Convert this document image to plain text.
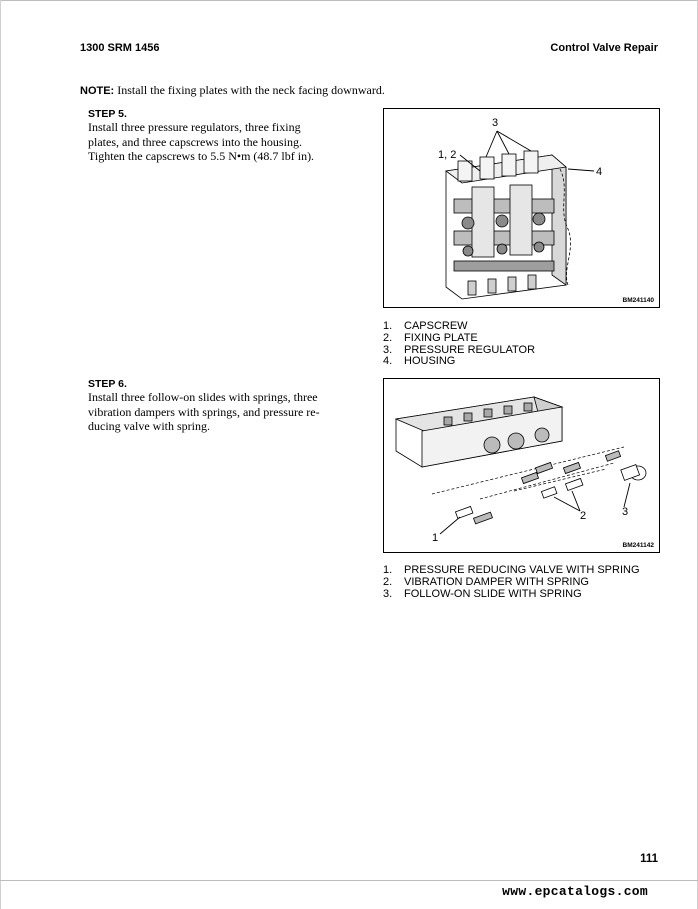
1300 SRM 1456	Control Valve Repair
NOTE: Install the fixing plates with the neck facing downward.
STEP 5.
Install three pressure regulators, three fixing
plates, and three capscrews into the housing.
Tighten the capscrews to 5.5 N•m (48.7 lbf in).
3
1, 2
4
BM241140
1.	CAPSCREW
2.	FIXING PLATE
3.	PRESSURE REGULATOR
4.	HOUSING
STEP 6.
Install three follow-on slides with springs, three
vibration dampers with springs, and pressure re-
ducing valve with spring.
1
2	3
BM241142
1.	PRESSURE REDUCING VALVE WITH SPRING
2.	VIBRATION DAMPER WITH SPRING
3.	FOLLOW-ON SLIDE WITH SPRING
111
www.epcatalogs.com
